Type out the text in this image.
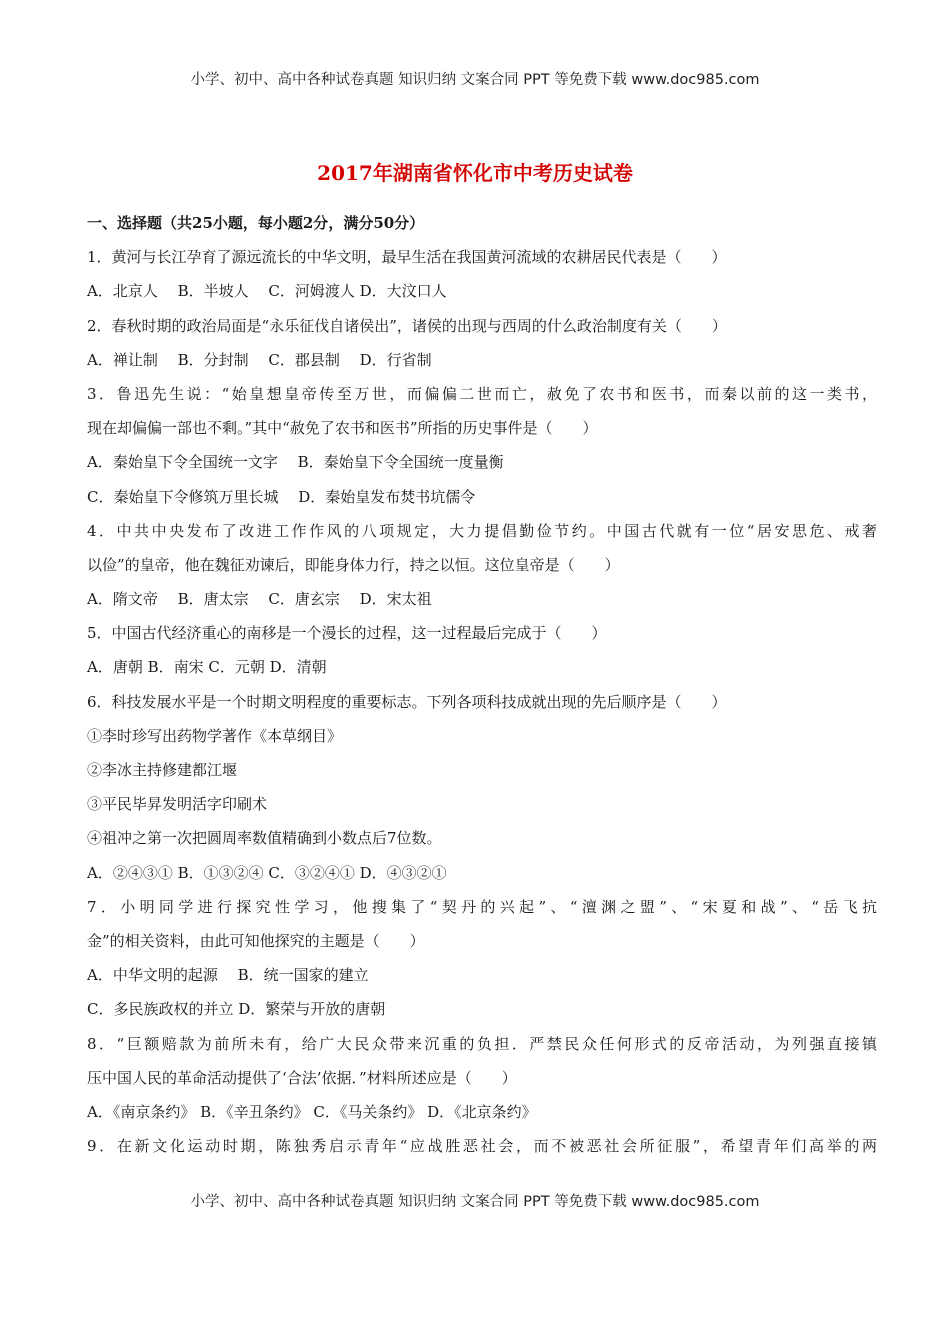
小学、初中、高中各种试卷真题 知识归纳 文案合同 PPT 等免费下载 www.doc985.com
2017年湖南省怀化市中考历史试卷
一、选择题（共25小题，每小题2分，满分50分）
1．黄河与长江孕育了源远流长的中华文明，最早生活在我国黄河流域的农耕居民代表是（　　）
A．北京人　 B．半坡人　 C．河姆渡人 D．大汶口人
2．春秋时期的政治局面是“永乐征伐自诸侯出”，诸侯的出现与西周的什么政治制度有关（　　）
A．禅让制　 B．分封制　 C．郡县制　 D．行省制
3．鲁迅先生说：“始皇想皇帝传至万世，而偏偏二世而亡，赦免了农书和医书，而秦以前的这一类书，
现在却偏偏一部也不剩。”其中“赦免了农书和医书”所指的历史事件是（　　）
A．秦始皇下令全国统一文字　 B．秦始皇下令全国统一度量衡
C．秦始皇下令修筑万里长城　 D．秦始皇发布焚书坑儒令
4．中共中央发布了改进工作作风的八项规定，大力提倡勤俭节约。中国古代就有一位“居安思危、戒奢
以俭”的皇帝，他在魏征劝谏后，即能身体力行，持之以恒。这位皇帝是（　　）
A．隋文帝　 B．唐太宗　 C．唐玄宗　 D．宋太祖
5．中国古代经济重心的南移是一个漫长的过程，这一过程最后完成于（　　）
A．唐朝 B．南宋 C．元朝 D．清朝
6．科技发展水平是一个时期文明程度的重要标志。下列各项科技成就出现的先后顺序是（　　）
①李时珍写出药物学著作《本草纲目》
②李冰主持修建都江堰
③平民毕昇发明活字印刷术
④祖冲之第一次把圆周率数值精确到小数点后7位数。
A．②④③① B．①③②④ C．③②④① D．④③②①
7．小明同学进行探究性学习，他搜集了“契丹的兴起”、“澶渊之盟”、“宋夏和战”、“岳飞抗
金”的相关资料，由此可知他探究的主题是（　　）
A．中华文明的起源　 B．统一国家的建立
C．多民族政权的并立 D．繁荣与开放的唐朝
8．“巨额赔款为前所未有，给广大民众带来沉重的负担．严禁民众任何形式的反帝活动，为列强直接镇
压中国人民的革命活动提供了‘合法’依据．”材料所述应是（　　）
A．《南京条约》 B．《辛丑条约》 C．《马关条约》 D．《北京条约》
9．在新文化运动时期，陈独秀启示青年“应战胜恶社会，而不被恶社会所征服”，希望青年们高举的两
小学、初中、高中各种试卷真题 知识归纳 文案合同 PPT 等免费下载 www.doc985.com
